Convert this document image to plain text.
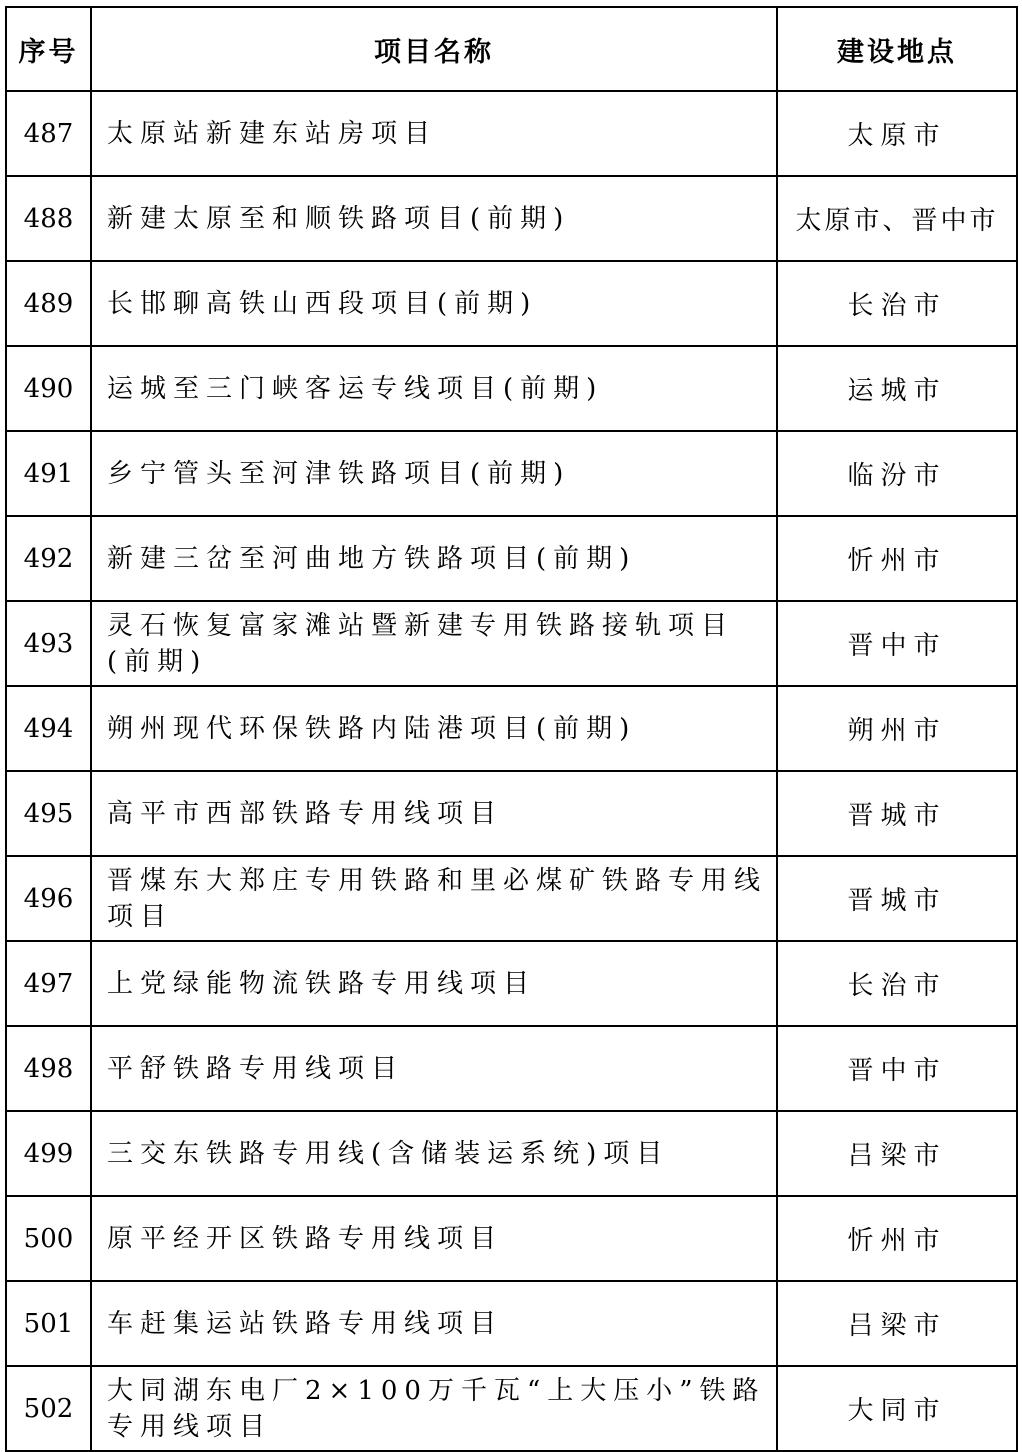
序号	项目名称	建设地点
487	太原站新建东站房项目	太原市
488	新建太原至和顺铁路项目(前期)	太原市、晋中市
489	长邯聊高铁山西段项目(前期)	长治市
490	运城至三门峡客运专线项目(前期)	运城市
491	乡宁管头至河津铁路项目(前期)	临汾市
492	新建三岔至河曲地方铁路项目(前期)	忻州市
493	灵石恢复富家滩站暨新建专用铁路接轨项目(前期)	晋中市
494	朔州现代环保铁路内陆港项目(前期)	朔州市
495	高平市西部铁路专用线项目	晋城市
496	晋煤东大郑庄专用铁路和里必煤矿铁路专用线项目	晋城市
497	上党绿能物流铁路专用线项目	长治市
498	平舒铁路专用线项目	晋中市
499	三交东铁路专用线(含储装运系统)项目	吕梁市
500	原平经开区铁路专用线项目	忻州市
501	车赶集运站铁路专用线项目	吕梁市
502	大同湖东电厂2×100万千瓦“上大压小”铁路专用线项目	大同市
